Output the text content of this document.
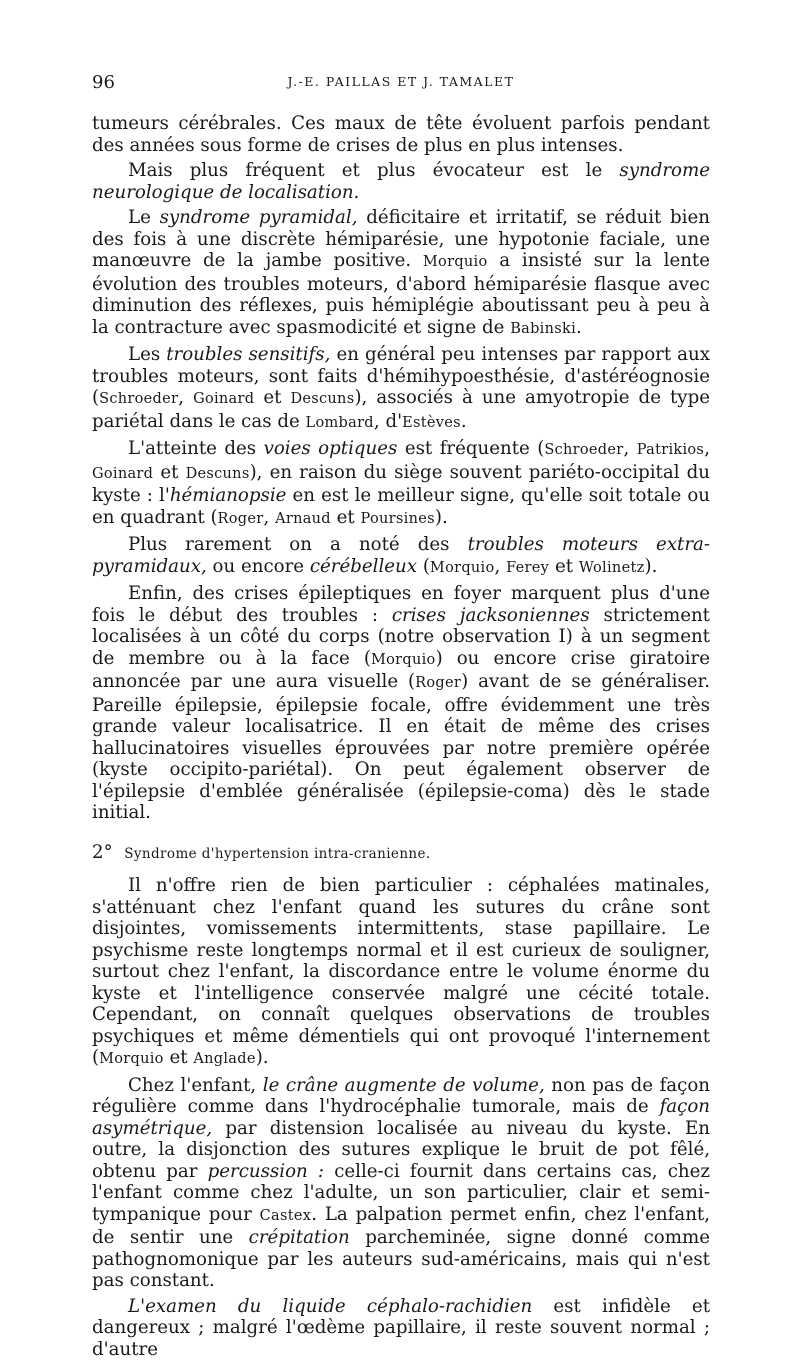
96	J.-E. PAILLAS ET J. TAMALET

tumeurs cérébrales. Ces maux de tête évoluent parfois pendant des années sous forme de crises de plus en plus intenses.

Mais plus fréquent et plus évocateur est le syndrome neurologique de localisation.

Le syndrome pyramidal, déficitaire et irritatif, se réduit bien des fois à une discrète hémiparésie, une hypotonie faciale, une manœuvre de la jambe positive. Morquio a insisté sur la lente évolution des troubles moteurs, d'abord hémiparésie flasque avec diminution des réflexes, puis hémiplégie aboutissant peu à peu à la contracture avec spasmodicité et signe de Babinski.

Les troubles sensitifs, en général peu intenses par rapport aux troubles moteurs, sont faits d'hémihypoesthésie, d'astéréognosie (Schroeder, Goinard et Descuns), associés à une amyotropie de type pariétal dans le cas de Lombard, d'Estèves.

L'atteinte des voies optiques est fréquente (Schroeder, Patrikios, Goinard et Descuns), en raison du siège souvent pariéto-occipital du kyste : l'hémianopsie en est le meilleur signe, qu'elle soit totale ou en quadrant (Roger, Arnaud et Poursines).

Plus rarement on a noté des troubles moteurs extra-pyramidaux, ou encore cérébelleux (Morquio, Ferey et Wolinetz).

Enfin, des crises épileptiques en foyer marquent plus d'une fois le début des troubles : crises jacksoniennes strictement localisées à un côté du corps (notre observation I) à un segment de membre ou à la face (Morquio) ou encore crise giratoire annoncée par une aura visuelle (Roger) avant de se généraliser. Pareille épilepsie, épilepsie focale, offre évidemment une très grande valeur localisatrice. Il en était de même des crises hallucinatoires visuelles éprouvées par notre première opérée (kyste occipito-pariétal). On peut également observer de l'épilepsie d'emblée généralisée (épilepsie-coma) dès le stade initial.

2° Syndrome d'hypertension intra-cranienne.

Il n'offre rien de bien particulier : céphalées matinales, s'atténuant chez l'enfant quand les sutures du crâne sont disjointes, vomissements intermittents, stase papillaire. Le psychisme reste longtemps normal et il est curieux de souligner, surtout chez l'enfant, la discordance entre le volume énorme du kyste et l'intelligence conservée malgré une cécité totale. Cependant, on connaît quelques observations de troubles psychiques et même démentiels qui ont provoqué l'internement (Morquio et Anglade).

Chez l'enfant, le crâne augmente de volume, non pas de façon régulière comme dans l'hydrocéphalie tumorale, mais de façon asymétrique, par distension localisée au niveau du kyste. En outre, la disjonction des sutures explique le bruit de pot fêlé, obtenu par percussion : celle-ci fournit dans certains cas, chez l'enfant comme chez l'adulte, un son particulier, clair et semi-tympanique pour Castex. La palpation permet enfin, chez l'enfant, de sentir une crépitation parcheminée, signe donné comme pathognomonique par les auteurs sud-américains, mais qui n'est pas constant.

L'examen du liquide céphalo-rachidien est infidèle et dangereux ; malgré l'œdème papillaire, il reste souvent normal ; d'autre
